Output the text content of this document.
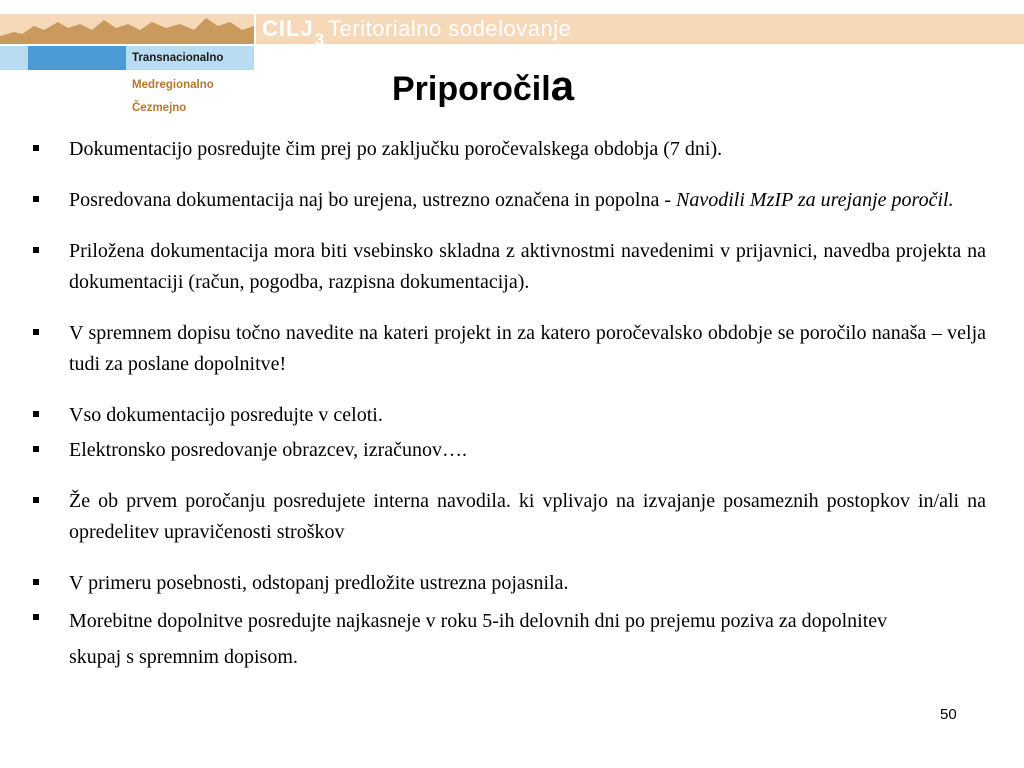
CILJ 3 Teritorialno sodelovanje
Transnacionalno
Medregionalno
Čezmejno	Priporočila
Dokumentacijo posredujte čim prej po zaključku poročevalskega obdobja (7 dni).
Posredovana dokumentacija naj bo urejena, ustrezno označena in popolna - Navodili MzIP za urejanje poročil.
Priložena dokumentacija mora biti vsebinsko skladna z aktivnostmi navedenimi v prijavnici, navedba projekta na dokumentaciji (račun, pogodba, razpisna dokumentacija).
V spremnem dopisu točno navedite na kateri projekt in za katero poročevalsko obdobje se poročilo nanaša – velja tudi za poslane dopolnitve!
Vso dokumentacijo posredujte v celoti.
Elektronsko posredovanje obrazcev, izračunov….
Že ob prvem poročanju posredujete interna navodila. ki vplivajo na izvajanje posameznih postopkov in/ali na opredelitev upravičenosti stroškov
V primeru posebnosti, odstopanj predložite ustrezna pojasnila.
Morebitne dopolnitve posredujte najkasneje v roku 5-ih delovnih dni po prejemu poziva za dopolnitev skupaj s spremnim dopisom.
50
